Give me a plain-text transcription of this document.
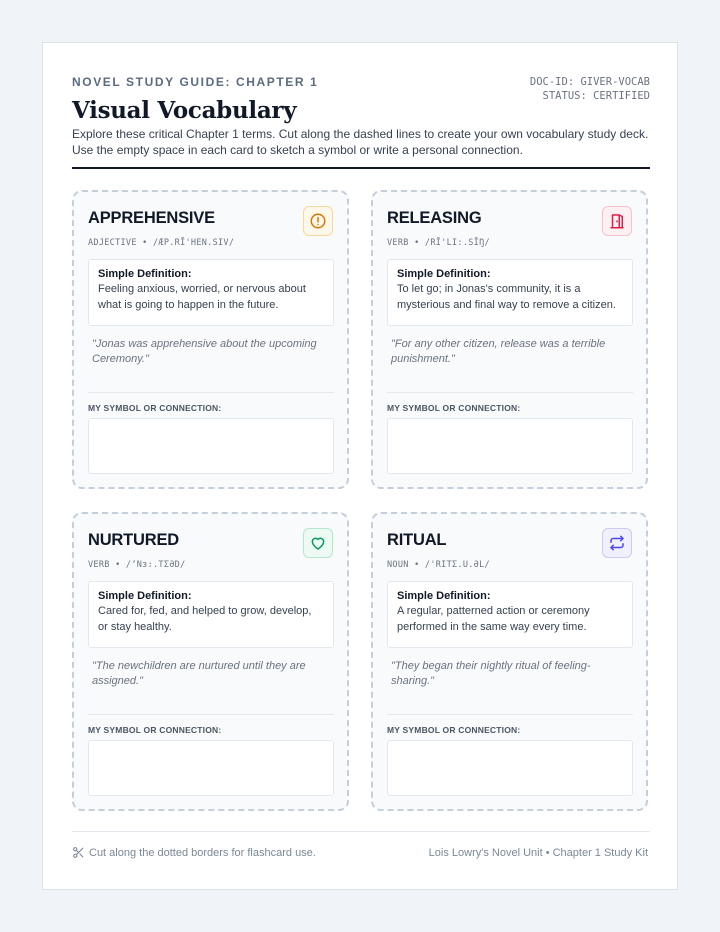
NOVEL STUDY GUIDE: CHAPTER 1
Visual Vocabulary
DOC-ID: GIVER-VOCAB
STATUS: CERTIFIED
Explore these critical Chapter 1 terms. Cut along the dashed lines to create your own vocabulary study deck. Use the empty space in each card to sketch a symbol or write a personal connection.
APPREHENSIVE
ADJECTIVE • /ÆP.RĪ'HEN.SIV/
Simple Definition:
Feeling anxious, worried, or nervous about what is going to happen in the future.
"Jonas was apprehensive about the upcoming Ceremony."
MY SYMBOL OR CONNECTION:
RELEASING
VERB • /RĪ'LI:.SĪŊ/
Simple Definition:
To let go; in Jonas's community, it is a mysterious and final way to remove a citizen.
"For any other citizen, release was a terrible punishment."
MY SYMBOL OR CONNECTION:
NURTURED
VERB • /ʼNɜ:.TƩƏD/
Simple Definition:
Cared for, fed, and helped to grow, develop, or stay healthy.
"The newchildren are nurtured until they are assigned."
MY SYMBOL OR CONNECTION:
RITUAL
NOUN • /'RITƩ.U.ƏL/
Simple Definition:
A regular, patterned action or ceremony performed in the same way every time.
"They began their nightly ritual of feeling-sharing."
MY SYMBOL OR CONNECTION:
Cut along the dotted borders for flashcard use.	Lois Lowry's Novel Unit • Chapter 1 Study Kit
